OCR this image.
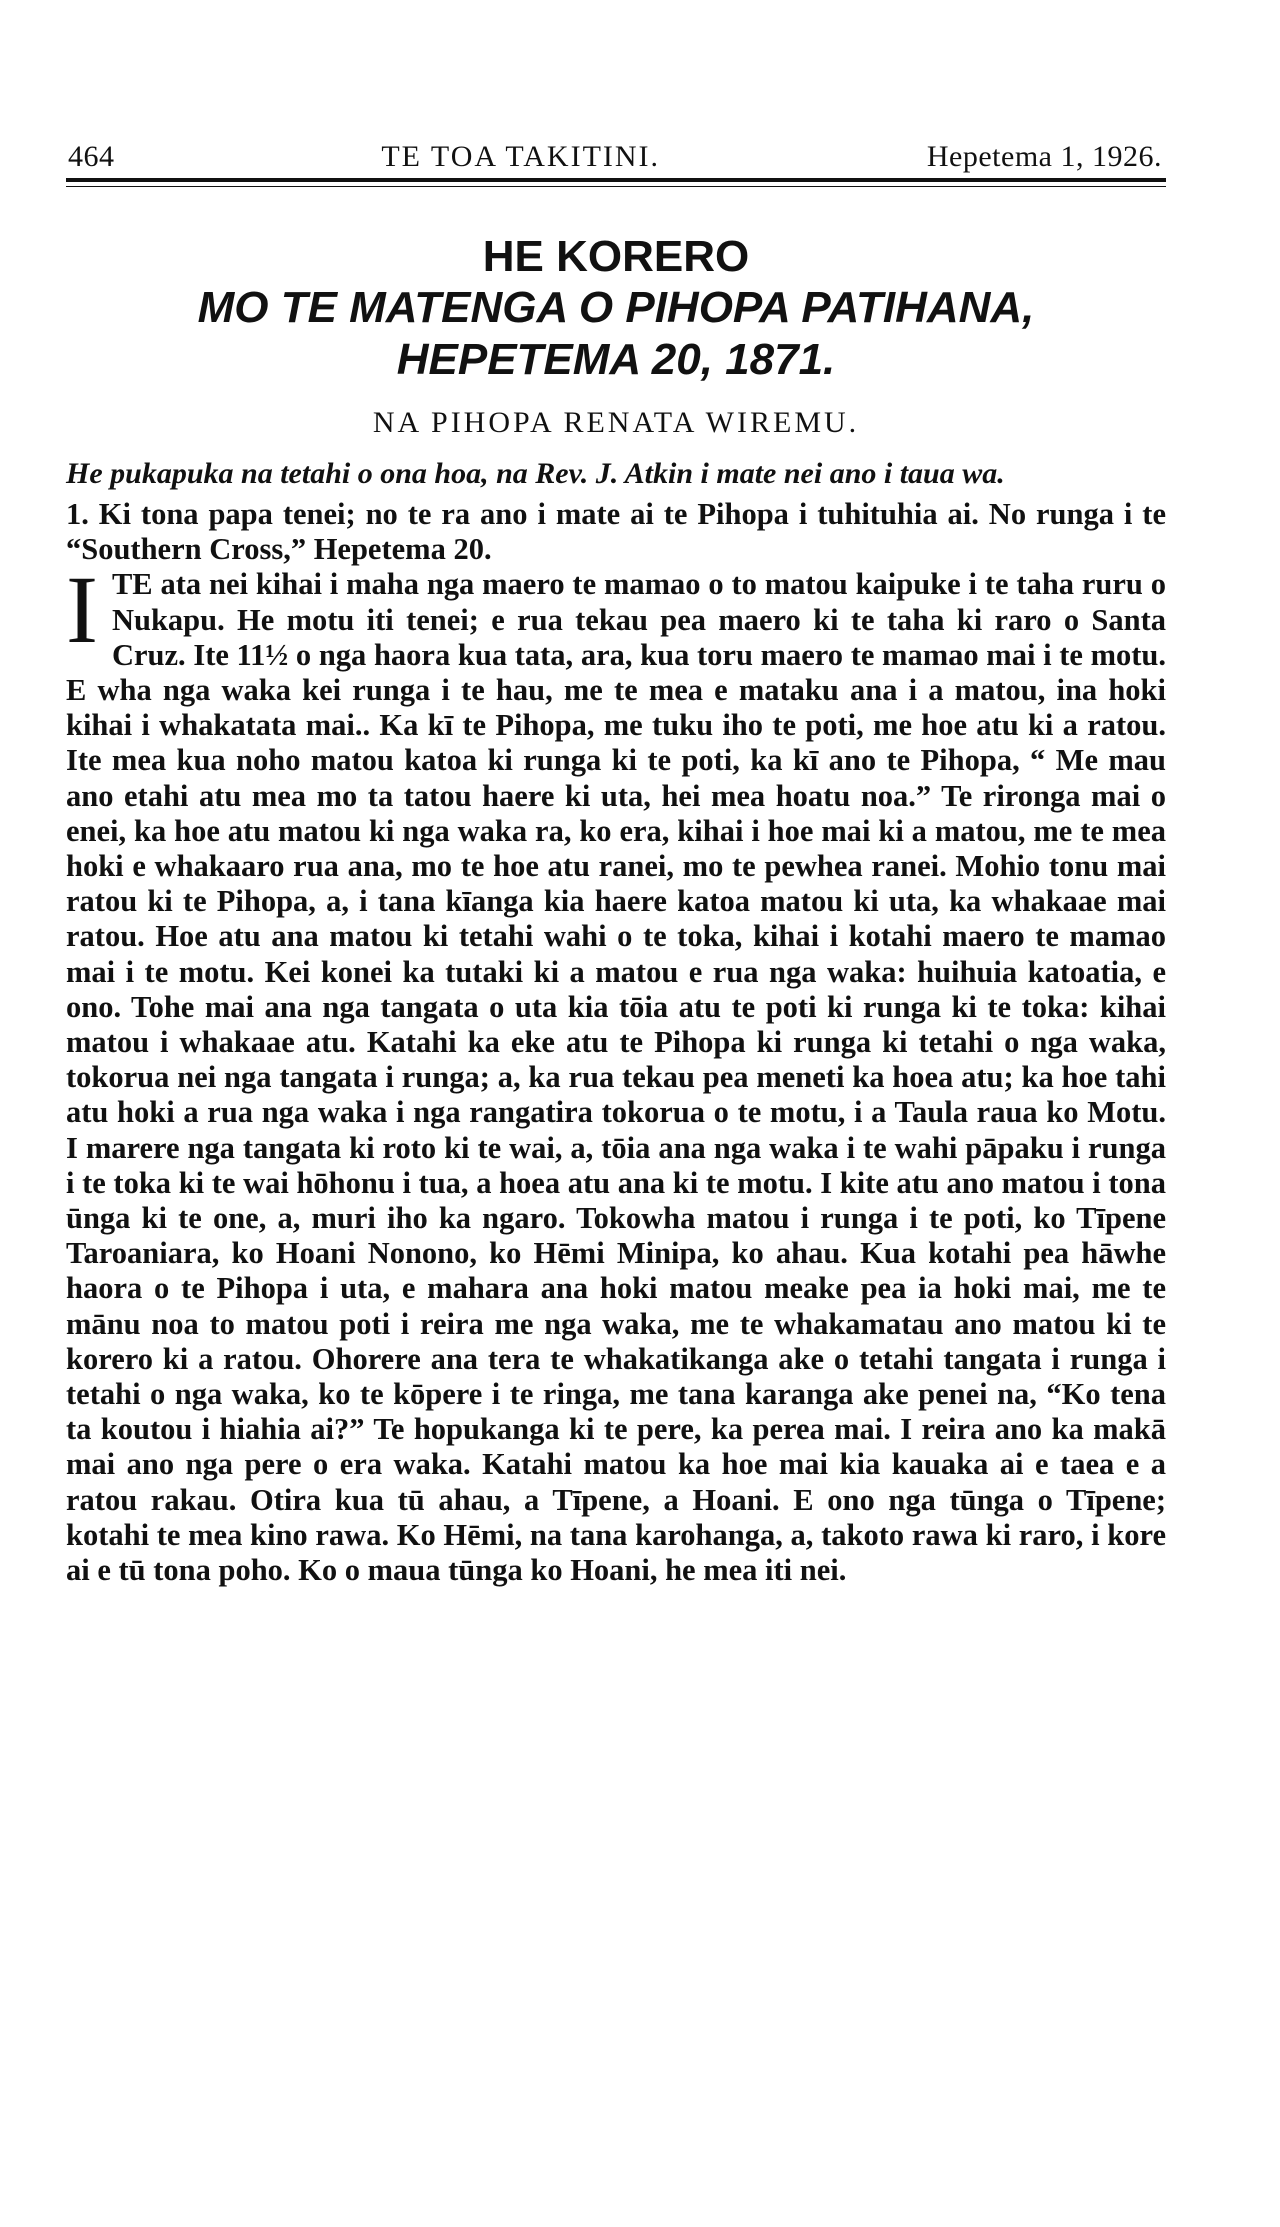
464	TE TOA TAKITINI.	Hepetema 1, 1926.

HE KORERO

MO TE MATENGA O PIHOPA PATIHANA,

HEPETEMA 20, 1871.

NA PIHOPA RENATA WIREMU.

He pukapuka na tetahi o ona hoa, na Rev. J. Atkin i mate nei ano i taua wa.

1. Ki tona papa tenei; no te ra ano i mate ai te Pihopa i tuhituhia ai. No runga i te “Southern Cross,” Hepetema 20.

I TE ata nei kihai i maha nga maero te mamao o to matou kaipuke i te taha ruru o Nukapu. He motu iti tenei; e rua tekau pea maero ki te taha ki raro o Santa Cruz. Ite 11½ o nga haora kua tata, ara, kua toru maero te mamao mai i te motu. E wha nga waka kei runga i te hau, me te mea e mataku ana i a matou, ina hoki kihai i whakatata mai.. Ka kī te Pihopa, me tuku iho te poti, me hoe atu ki a ratou. Ite mea kua noho matou katoa ki runga ki te poti, ka kī ano te Pihopa, “ Me mau ano etahi atu mea mo ta tatou haere ki uta, hei mea hoatu noa.” Te rironga mai o enei, ka hoe atu matou ki nga waka ra, ko era, kihai i hoe mai ki a matou, me te mea hoki e whakaaro rua ana, mo te hoe atu ranei, mo te pewhea ranei. Mohio tonu mai ratou ki te Pihopa, a, i tana kīanga kia haere katoa matou ki uta, ka whakaae mai ratou. Hoe atu ana matou ki tetahi wahi o te toka, kihai i kotahi maero te mamao mai i te motu. Kei konei ka tutaki ki a matou e rua nga waka: huihuia katoatia, e ono. Tohe mai ana nga tangata o uta kia tōia atu te poti ki runga ki te toka: kihai matou i whakaae atu. Katahi ka eke atu te Pihopa ki runga ki tetahi o nga waka, tokorua nei nga tangata i runga; a, ka rua tekau pea meneti ka hoea atu; ka hoe tahi atu hoki a rua nga waka i nga rangatira tokorua o te motu, i a Taula raua ko Motu. I marere nga tangata ki roto ki te wai, a, tōia ana nga waka i te wahi pāpaku i runga i te toka ki te wai hōhonu i tua, a hoea atu ana ki te motu. I kite atu ano matou i tona ūnga ki te one, a, muri iho ka ngaro. Tokowha matou i runga i te poti, ko Tīpene Taroaniara, ko Hoani Nonono, ko Hēmi Minipa, ko ahau. Kua kotahi pea hāwhe haora o te Pihopa i uta, e mahara ana hoki matou meake pea ia hoki mai, me te mānu noa to matou poti i reira me nga waka, me te whakamatau ano matou ki te korero ki a ratou. Ohorere ana tera te whakatikanga ake o tetahi tangata i runga i tetahi o nga waka, ko te kōpere i te ringa, me tana karanga ake penei na, “Ko tena ta koutou i hiahia ai?” Te hopukanga ki te pere, ka perea mai. I reira ano ka makā mai ano nga pere o era waka. Katahi matou ka hoe mai kia kauaka ai e taea e a ratou rakau. Otira kua tū ahau, a Tīpene, a Hoani. E ono nga tūnga o Tīpene; kotahi te mea kino rawa. Ko Hēmi, na tana karohanga, a, takoto rawa ki raro, i kore ai e tū tona poho. Ko o maua tūnga ko Hoani, he mea iti nei.
